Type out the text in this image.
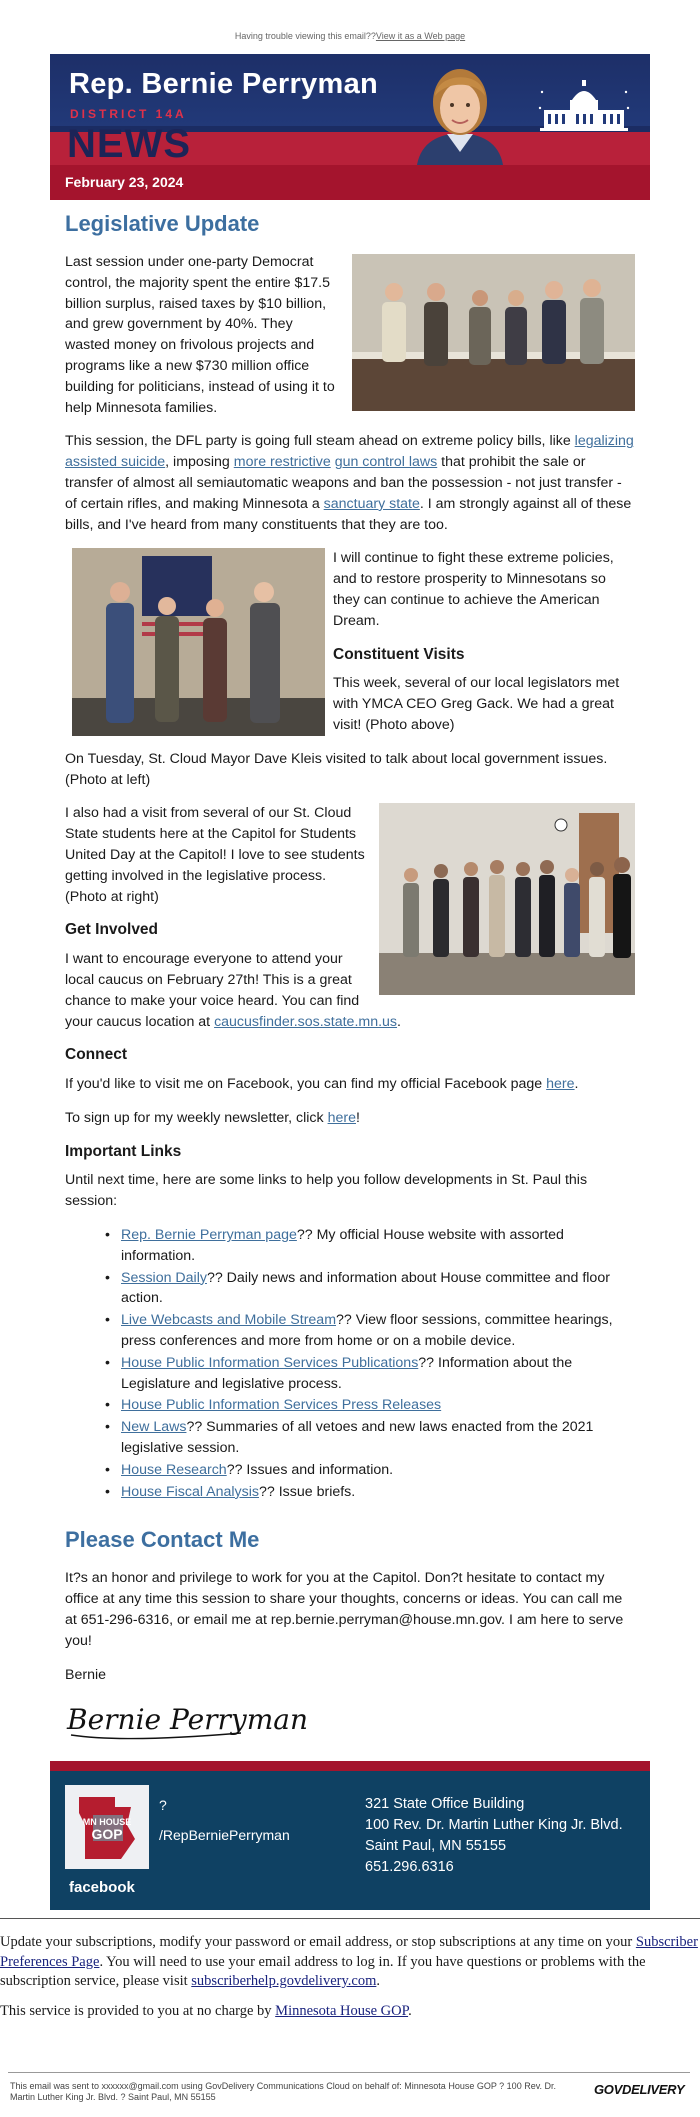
Having trouble viewing this email??View it as a Web page
Rep. Bernie Perryman
DISTRICT 14A
NEWS
February 23, 2024
Legislative Update

Last session under one-party Democrat control, the majority spent the entire $17.5 billion surplus, raised taxes by $10 billion, and grew government by 40%. They wasted money on frivolous projects and programs like a new $730 million office building for politicians, instead of using it to help Minnesota families.

This session, the DFL party is going full steam ahead on extreme policy bills, like legalizing assisted suicide, imposing more restrictive gun control laws that prohibit the sale or transfer of almost all semiautomatic weapons and ban the possession - not just transfer - of certain rifles, and making Minnesota a sanctuary state. I am strongly against all of these bills, and I've heard from many constituents that they are too.

I will continue to fight these extreme policies, and to restore prosperity to Minnesotans so they can continue to achieve the American Dream.

Constituent Visits

This week, several of our local legislators met with YMCA CEO Greg Gack. We had a great visit! (Photo above)

On Tuesday, St. Cloud Mayor Dave Kleis visited to talk about local government issues. (Photo at left)

I also had a visit from several of our St. Cloud State students here at the Capitol for Students United Day at the Capitol! I love to see students getting involved in the legislative process. (Photo at right)

Get Involved

I want to encourage everyone to attend your local caucus on February 27th! This is a great chance to make your voice heard. You can find your caucus location at caucusfinder.sos.state.mn.us.

Connect

If you'd like to visit me on Facebook, you can find my official Facebook page here.

To sign up for my weekly newsletter, click here!

Important Links

Until next time, here are some links to help you follow developments in St. Paul this session:

• Rep. Bernie Perryman page?? My official House website with assorted information.
• Session Daily?? Daily news and information about House committee and floor action.
• Live Webcasts and Mobile Stream?? View floor sessions, committee hearings, press conferences and more from home or on a mobile device.
• House Public Information Services Publications?? Information about the Legislature and legislative process.
• House Public Information Services Press Releases
• New Laws?? Summaries of all vetoes and new laws enacted from the 2021 legislative session.
• House Research?? Issues and information.
• House Fiscal Analysis?? Issue briefs.
Please Contact Me

It?s an honor and privilege to work for you at the Capitol. Don?t hesitate to contact my office at any time this session to share your thoughts, concerns or ideas. You can call me at 651-296-6316, or email me at rep.bernie.perryman@house.mn.gov. I am here to serve you!

Bernie

Bernie Perryman
MN HOUSE
GOP
facebook
?
/RepBerniePerryman
321 State Office Building
100 Rev. Dr. Martin Luther King Jr. Blvd.
Saint Paul, MN 55155
651.296.6316

Update your subscriptions, modify your password or email address, or stop subscriptions at any time on your Subscriber Preferences Page. You will need to use your email address to log in. If you have questions or problems with the subscription service, please visit subscriberhelp.govdelivery.com.

This service is provided to you at no charge by Minnesota House GOP.

This email was sent to xxxxxx@gmail.com using GovDelivery Communications Cloud on behalf of: Minnesota House GOP ? 100 Rev. Dr. Martin Luther King Jr. Blvd. ? Saint Paul, MN 55155	GOVDELIVERY
